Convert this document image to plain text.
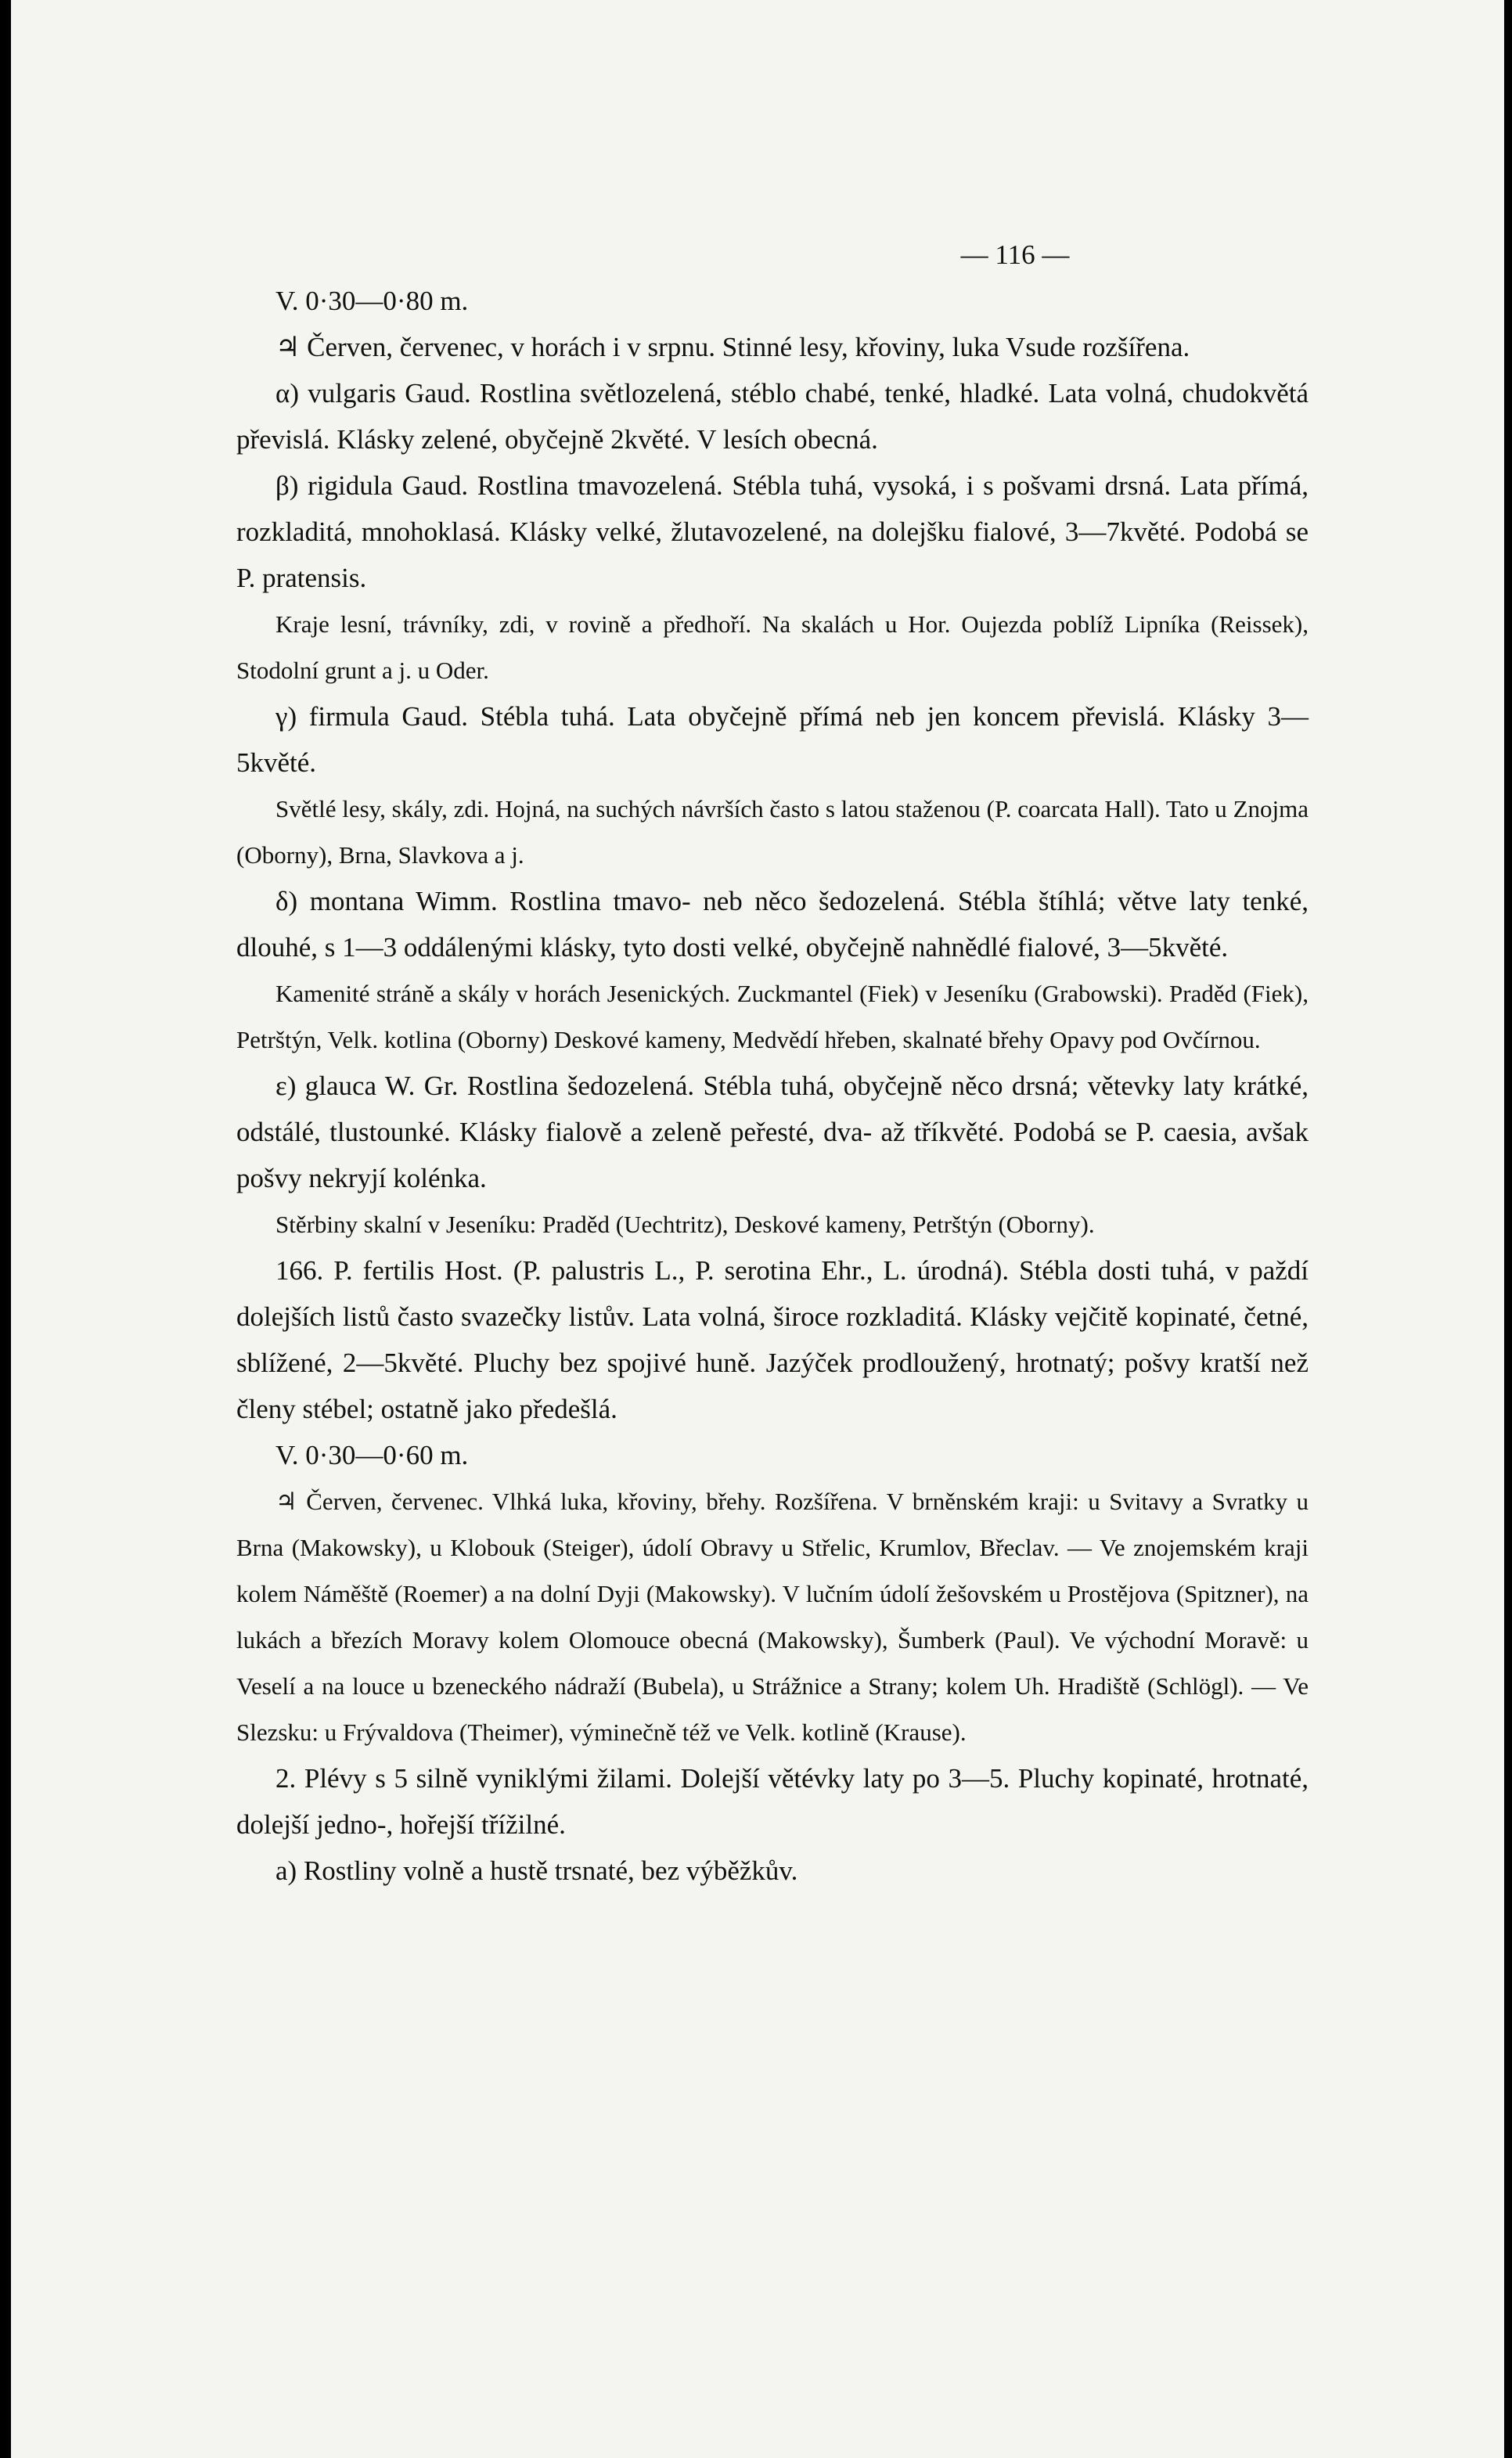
— 116 —

V. 0·30—0·80 m.

♃ Červen, červenec, v horách i v srpnu. Stinné lesy, křoviny, luka Vsude rozšířena.

α) vulgaris Gaud. Rostlina světlozelená, stéblo chabé, tenké, hladké. Lata volná, chudokvětá převislá. Klásky zelené, obyčejně 2květé. V lesích obecná.

β) rigidula Gaud. Rostlina tmavozelená. Stébla tuhá, vysoká, i s pošvami drsná. Lata přímá, rozkladitá, mnohoklasá. Klásky velké, žlutavozelené, na dolejšku fialové, 3—7květé. Podobá se P. pratensis.

Kraje lesní, trávníky, zdi, v rovině a předhoří. Na skalách u Hor. Oujezda poblíž Lipníka (Reissek), Stodolní grunt a j. u Oder.

γ) firmula Gaud. Stébla tuhá. Lata obyčejně přímá neb jen koncem převislá. Klásky 3—5květé.

Světlé lesy, skály, zdi. Hojná, na suchých návrších často s latou staženou (P. coarcata Hall). Tato u Znojma (Oborny), Brna, Slavkova a j.

δ) montana Wimm. Rostlina tmavo- neb něco šedozelená. Stébla štíhlá; větve laty tenké, dlouhé, s 1—3 oddálenými klásky, tyto dosti velké, obyčejně nahnědlé fialové, 3—5květé.

Kamenité stráně a skály v horách Jesenických. Zuckmantel (Fiek) v Jeseníku (Grabowski). Praděd (Fiek), Petrštýn, Velk. kotlina (Oborny) Deskové kameny, Medvědí hřeben, skalnaté břehy Opavy pod Ovčírnou.

ε) glauca W. Gr. Rostlina šedozelená. Stébla tuhá, obyčejně něco drsná; větevky laty krátké, odstálé, tlustounké. Klásky fialově a zeleně peřesté, dva- až tříkvěté. Podobá se P. caesia, avšak pošvy nekryjí kolénka.

Stěrbiny skalní v Jeseníku: Praděd (Uechtritz), Deskové kameny, Petrštýn (Oborny).

166. P. fertilis Host. (P. palustris L., P. serotina Ehr., L. úrodná). Stébla dosti tuhá, v paždí dolejších listů často svazečky listův. Lata volná, široce rozkladitá. Klásky vejčitě kopinaté, četné, sblížené, 2—5květé. Pluchy bez spojivé huně. Jazýček prodloužený, hrotnatý; pošvy kratší než členy stébel; ostatně jako předešlá.

V. 0·30—0·60 m.

♃ Červen, červenec. Vlhká luka, křoviny, břehy. Rozšířena. V brněnském kraji: u Svitavy a Svratky u Brna (Makowsky), u Klobouk (Steiger), údolí Obravy u Střelic, Krumlov, Břeclav. — Ve znojemském kraji kolem Náměště (Roemer) a na dolní Dyji (Makowsky). V lučním údolí žešovském u Prostějova (Spitzner), na lukách a březích Moravy kolem Olomouce obecná (Makowsky), Šumberk (Paul). Ve východní Moravě: u Veselí a na louce u bzeneckého nádraží (Bubela), u Strážnice a Strany; kolem Uh. Hradiště (Schlögl). — Ve Slezsku: u Frývaldova (Theimer), výminečně též ve Velk. kotlině (Krause).

2. Plévy s 5 silně vyniklými žilami. Dolejší větévky laty po 3—5. Pluchy kopinaté, hrotnaté, dolejší jedno-, hořejší třížilné.

a) Rostliny volně a hustě trsnaté, bez výběžkův.
